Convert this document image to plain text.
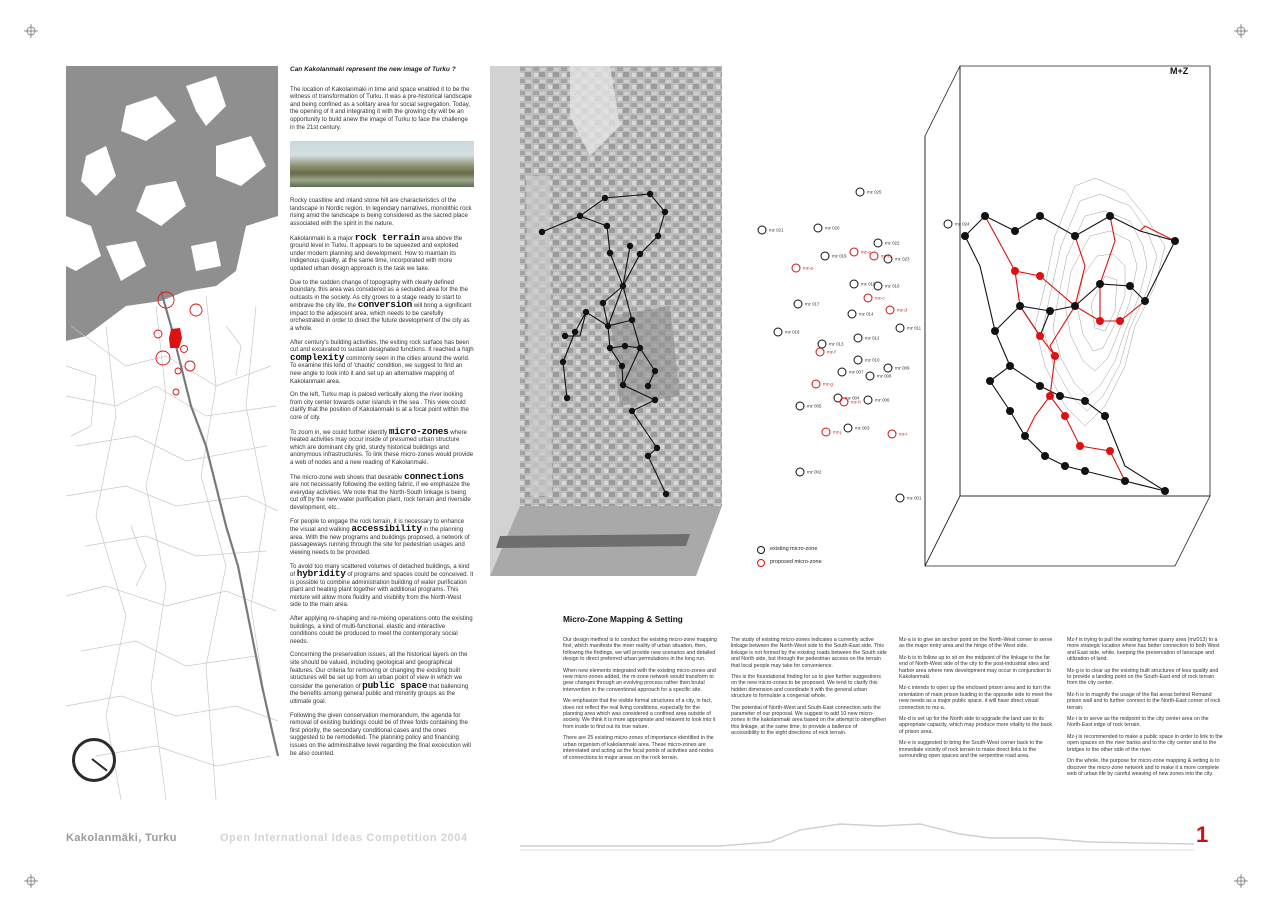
Can Kakolanmaki represent the new image of Turku ?

The location of Kakolanmaki in time and space enabled it to be the witness of transformation of Turku. It was a pre-historical landscape and being confined as a solitary area for social segregation. Today, the opening of it and integrating it with the growing city will be an opportunity to build anew the image of Turku to face the challenge in the 21st century.

Rocky coastline and inland stone hill are characteristics of the landscape in Nordic region. In legendary narratives, monolithic rock rising amid the landscape is being considered as the sacred place associated with the spirit in the nature.

Kakolanmaki is a major rock terrain area above the ground level in Turku. It appears to be squeezed and exploited under modern planning and development. How to maintain its indigenous quality, at the same time, incorporated with more updated urban design approach is the task we take.

Due to the sudden change of topography with clearly defined boundary, this area was considered as a secluded area for the the outcasts in the society. As city grows to a stage ready to start to embrave the city life, the conversion will bring a significant impact to the adjescent area, which needs to be carefully orchestrated in order to direct the future development of the city as a whole.

After century's building activities, the exiting rock surface has been cut and excavated to sustain designated functions. It reached a high complexity commonly seen in the cities around the world. To examine this kind of 'chaotic' condition, we suggest to find an new angle to look into it and set up an alternative mapping of Kakolanmaki area.

On the left, Turku map is palced vertically along the river looking from city center towards outer islands in the sea . This view could clarify that the position of Kakolanmaki is at a focal point within the core of city.

To zoom in, we could further identify micro-zones where heated activities may occur inside of presumed urban structure which are dominant city grid, sturdy historical buildings and anonymous infrastructures. To link these micro-zones would provide a web of nodes and a new reading of Kakolanmaki.

The micro-zone web shows that desirable connections are not necessarily following the exiting fabric, if we emphasize the everyday activities. We note that the North-South linkage is being cut off by the new water purification plant, rock terrain and riverside development, etc..

For people to engage the rock terrain, it is necessary to enhance the visual and walking accessibility in the planning area. With the new programs and buildings proposed, a network of passageways running through the site for pedestrian usages and viewing needs to be provided.

To avoid too many scattered volumes of detached buildings, a kind of hybridity of programs and spaces could be conceived. It is possible to combine administration building of water purification plant and heating plant together with additional programs. This mixture will allow more fluidity and visibility from the North-West side to the main area.

After applying re-shaping and re-mixing operations onto the existing buildings, a kind of multi-functional, elastic and interactive conditions could be produced to meet the contemporary social needs.

Concerning the preservation issues, all the historical layers on the site should be valued, including geological and geographical features. Our criteria for removing or changing the existing built structures will be set up from an urban point of view in which we consider the generation of public space that ballencing the benefits among general public and minority groups as the ultimate goal.

Following the given conservation memorandum, the agenda for removal of existing buildings could be of three folds containing the first priority, the secondary conditional cases and the ones suggested to be remodelled. The planning policy and financing issues on the administrative level regarding the final excecution will be also counted.

mz 001
mz 002
mz 003
mz 004
mz 005
mz 006
mz 007
mz 008
mz 009
mz 010
mz 011
mz 012
mz 013
mz 014
mz 015 mz 016
mz 017
mz 018
mz 019
mz 020
mz 021
mz 022
mz 023
mz 024
mz 025
mz-a
mz-b
mz-c
mz-d
mz-e
mz-f
mz-g
mz-h
mz-i
mz-j
existing micro-zone
proposed micro-zone
M+Z
Micro-Zone Mapping & Setting

Our design method is to conduct the existing micro-zone mapping first, which manifests the inner reality of urban situation, then, following the findings, we will provide new scenarios and detailed design to direct preferred urban permutations in the long run.

When new elements integrated with the existing micro-zones and new micro-zones added, the m-zone network would transform to gear changes through an evolving process rather then brutal intervention in the conventional approach for a specific site.

We emphasize that the visible formal structures of a city, in fact, does not reflect the real living conditions, especially for the planning area which was considered a confined area outside of society. We think it is more appropriate and relavent to look into it from inside to find out its true nature.

There are 25 existing micro-zones of importance identified in the urban organism of kakolanmaki area. These micro-zones are interrelated and acting as the focal points of activities and nodes of connections to major areas on the rock terrain.

The study of existing micro-zones indicates a currently active linkage between the North-West side to the South-East side. This linkage is not formed by the existing roads between the South side and North side, but through the pedestrian access on the terrain that local people may take for convenience.

This is the foundational finding for us to give further suggestions on the new micro-zones to be proposed. We tend to clarify this hidden dimension and coordinate it with the general urban structure to formulate a congenial whole.

The potential of North-West and South-East connection sets the parameter of our proposal. We suggest to add 10 new micro-zones in the kakolanmaki area based on the attempt to strengthen this linkage, at the same time, to provide a ballence of accessibility to the eight directions of rock terrain.

Mz-a is to give an anchor point on the North-West corner to serve as the major entry area and the hinge of the West side.

Mz-b is to follow up to sit on the midpoint of the linkage to the far end of North-West side of the city to the post-industrial sites and harbor area where new development may occur in conjunction to Kakolanmaki.

Mz-c intends to open up the enclosed prison area and to turn the orientation of main prison buiding to the opposite side to meet the new needs as a major public space. it will have direct visual connection to mz-a.

Mz-d is set up for the North side to upgrade the land use to its appropriate capacity, which may produce more vitality to the back of prison area.

Mz-e is suggested to bring the South-West corner back to the immediate vicinity of rock terrain to make direct links to the surrounding open spaces and the serpentine road area.

Mz-f is trying to pull the existing former quarry area (mz013) to a more strategic location where has better connection to both West and East side, while, keeping the preservation of lanscape and utilization of land.

Mz-g is to clear up the existing built structures of less quality and to provide a landing point on the South-East end of rock terrain from the city center.

Mz-h is to magnify the usage of the flat areas behind Remand prison wall and to further connect to the North-East corner of rock terrain.

Mz-i is to serve as the midpoint to the city center area on the North-East edge of rock terrain.

Mz-j is recommended to make a public space in order to link to the open spaces on the river banks and to the city center and to the bridges to the other side of the river.

On the whole, the purpose for micro-zone mapping & setting is to discover the micro-zone network and to make it a more complete web of urban life by careful weaving of new zones into the city.

Kakolanmäki, Turku	Open International Ideas Competition 2004	1
